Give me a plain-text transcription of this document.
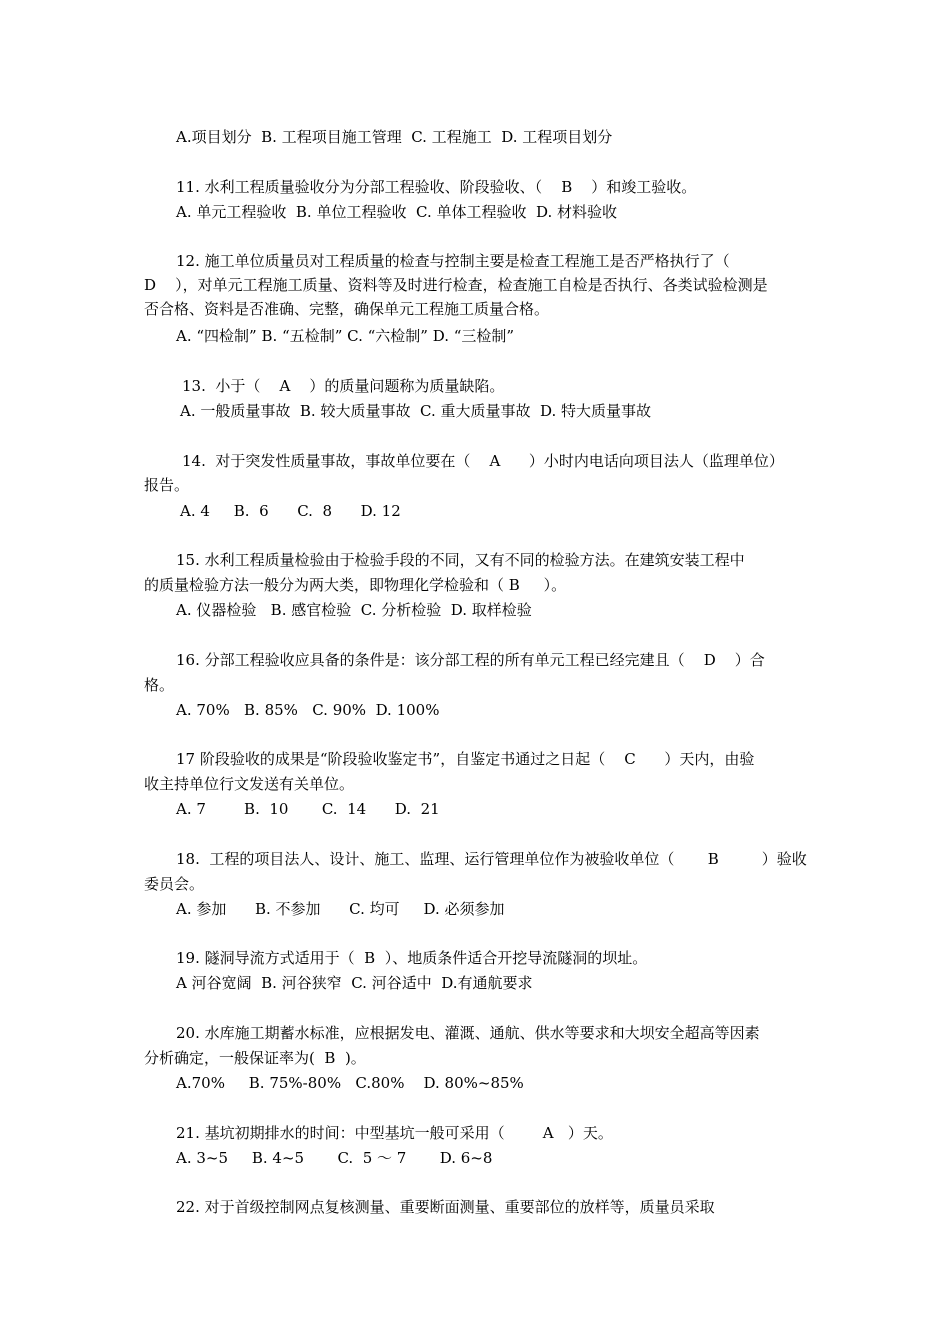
A.项目划分  B. 工程项目施工管理  C. 工程施工  D. 工程项目划分
11. 水利工程质量验收分为分部工程验收、阶段验收、（    B    ）和竣工验收。
A. 单元工程验收  B. 单位工程验收  C. 单体工程验收  D. 材料验收
12. 施工单位质量员对工程质量的检查与控制主要是检查工程施工是否严格执行了（
D    ），对单元工程施工质量、资料等及时进行检查，检查施工自检是否执行、各类试验检测是
否合格、资料是否准确、完整，确保单元工程施工质量合格。
A. “四检制” B. “五检制” C. “六检制” D. “三检制”
13.  小于（    A    ）的质量问题称为质量缺陷。
A. 一般质量事故  B. 较大质量事故  C. 重大质量事故  D. 特大质量事故
14.  对于突发性质量事故，事故单位要在（    A      ）小时内电话向项目法人（监理单位）
报告。
A. 4     B.  6      C.  8      D. 12
15. 水利工程质量检验由于检验手段的不同，又有不同的检验方法。在建筑安装工程中
的质量检验方法一般分为两大类，即物理化学检验和（ B     ）。
A. 仪器检验   B. 感官检验  C. 分析检验  D. 取样检验
16. 分部工程验收应具备的条件是：该分部工程的所有单元工程已经完建且（    D    ）合
格。
A. 70%   B. 85%   C. 90%  D. 100%
17 阶段验收的成果是“阶段验收鉴定书”，自鉴定书通过之日起（    C      ）天内，由验
收主持单位行文发送有关单位。
A. 7        B.  10       C.  14      D.  21
18.  工程的项目法人、设计、施工、监理、运行管理单位作为被验收单位（       B         ）验收
委员会。
A. 参加      B. 不参加      C. 均可     D. 必须参加
19. 隧洞导流方式适用于（  B  ）、地质条件适合开挖导流隧洞的坝址。
A 河谷宽阔  B. 河谷狭窄  C. 河谷适中  D.有通航要求
20. 水库施工期蓄水标准，应根据发电、灌溉、通航、供水等要求和大坝安全超高等因素
分析确定，一般保证率为(  B  )。
A.70%     B. 75%-80%   C.80%    D. 80%~85%
21. 基坑初期排水的时间：中型基坑一般可采用（        A   ）天。
A. 3~5     B. 4~5       C.  5 ～ 7       D. 6~8
22. 对于首级控制网点复核测量、重要断面测量、重要部位的放样等，质量员采取
